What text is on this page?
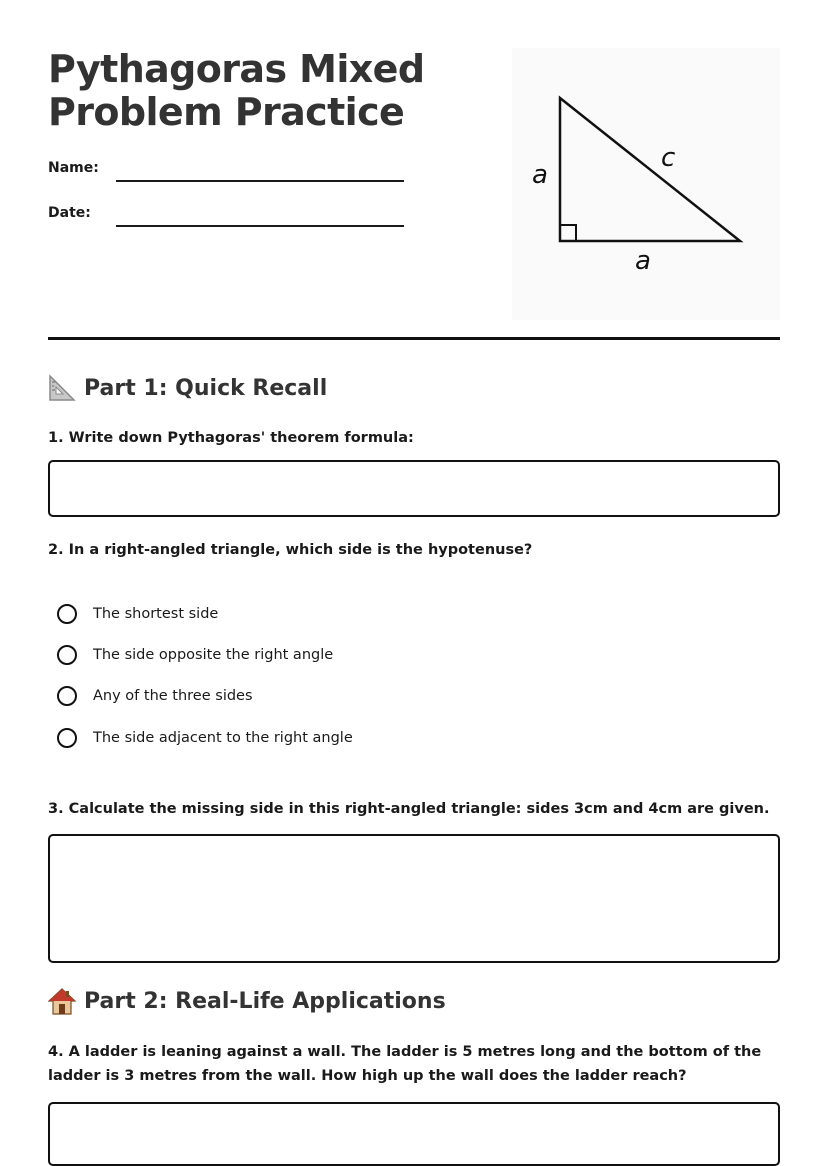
Pythagoras Mixed
Problem Practice
Name:
Date:
a
a
c
Part 1: Quick Recall
1. Write down Pythagoras' theorem formula:
2. In a right-angled triangle, which side is the hypotenuse?
The shortest side
The side opposite the right angle
Any of the three sides
The side adjacent to the right angle
3. Calculate the missing side in this right-angled triangle: sides 3cm and 4cm are given.
Part 2: Real-Life Applications
4. A ladder is leaning against a wall. The ladder is 5 metres long and the bottom of the ladder is 3 metres from the wall. How high up the wall does the ladder reach?
